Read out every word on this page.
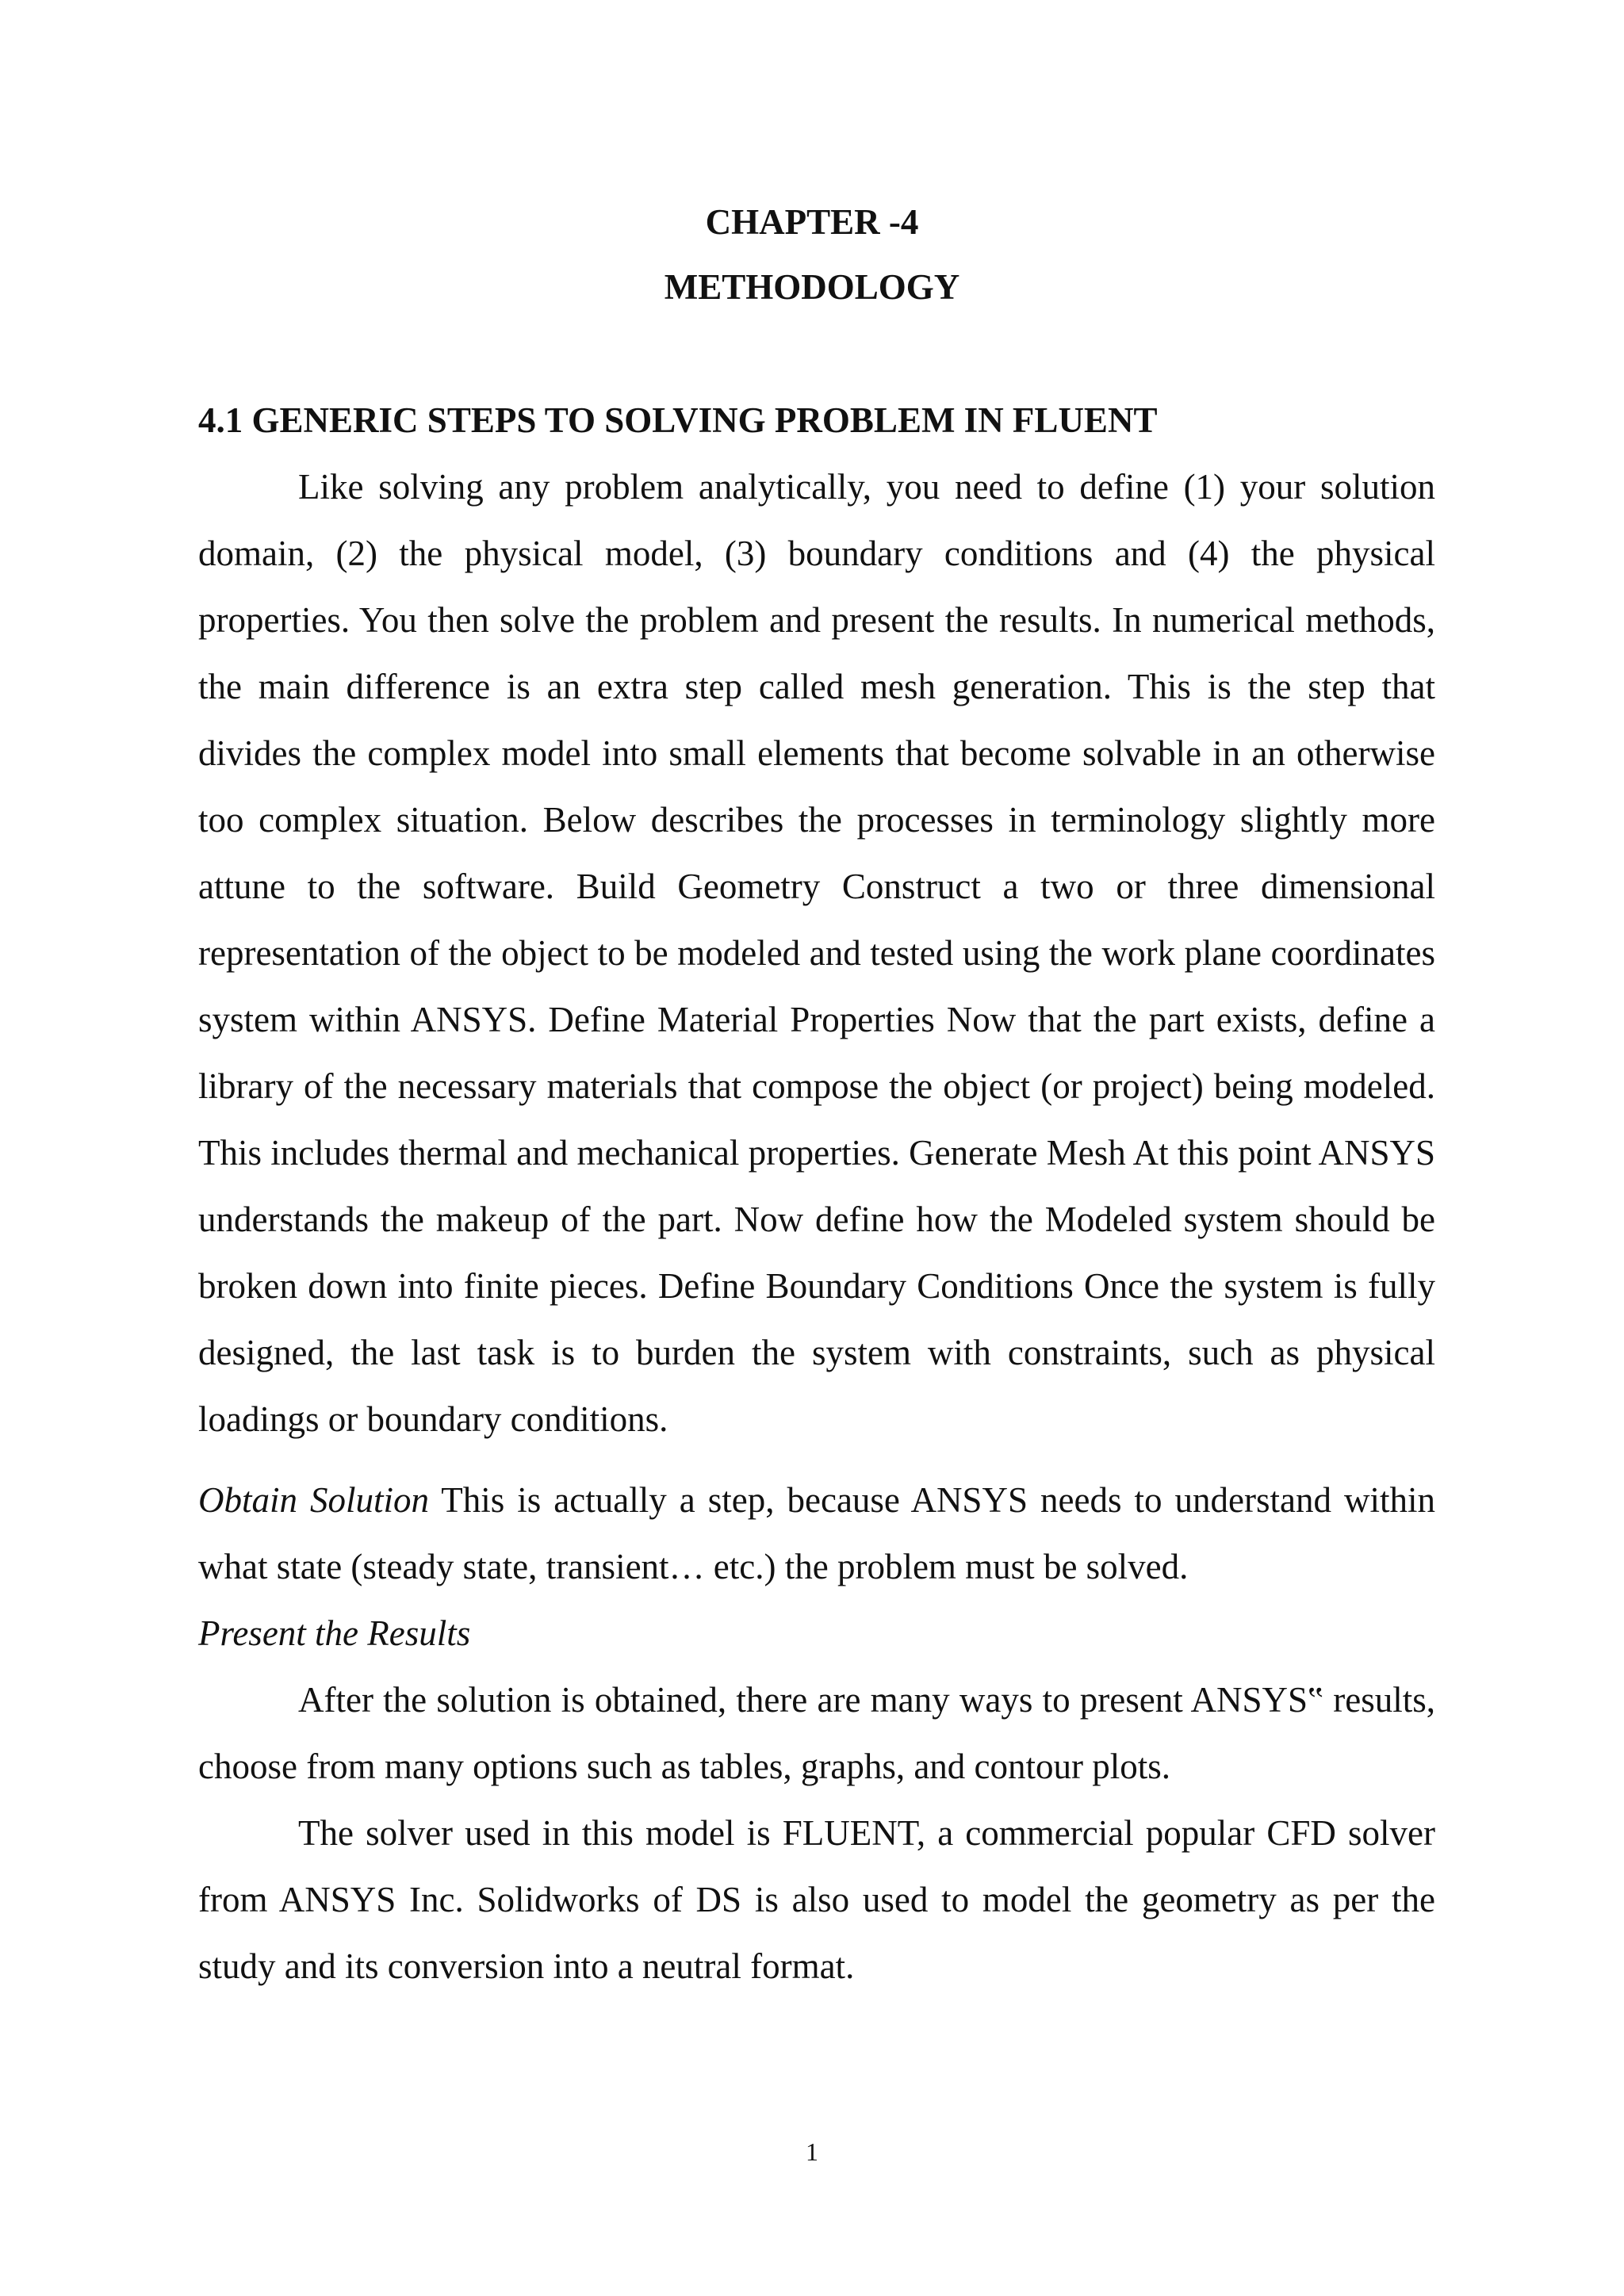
CHAPTER -4
METHODOLOGY
4.1 GENERIC STEPS TO SOLVING PROBLEM IN FLUENT

Like solving any problem analytically, you need to define (1) your solution domain, (2) the physical model, (3) boundary conditions and (4) the physical properties. You then solve the problem and present the results. In numerical methods, the main difference is an extra step called mesh generation. This is the step that divides the complex model into small elements that become solvable in an otherwise too complex situation. Below describes the processes in terminology slightly more attune to the software. Build Geometry Construct a two or three dimensional representation of the object to be modeled and tested using the work plane coordinates system within ANSYS. Define Material Properties Now that the part exists, define a library of the necessary materials that compose the object (or project) being modeled. This includes thermal and mechanical properties. Generate Mesh At this point ANSYS understands the makeup of the part. Now define how the Modeled system should be broken down into finite pieces. Define Boundary Conditions Once the system is fully designed, the last task is to burden the system with constraints, such as physical loadings or boundary conditions.

Obtain Solution This is actually a step, because ANSYS needs to understand within what state (steady state, transient… etc.) the problem must be solved.

Present the Results

After the solution is obtained, there are many ways to present ANSYS‟ results, choose from many options such as tables, graphs, and contour plots.

The solver used in this model is FLUENT, a commercial popular CFD solver from ANSYS Inc. Solidworks of DS is also used to model the geometry as per the study and its conversion into a neutral format.

1
